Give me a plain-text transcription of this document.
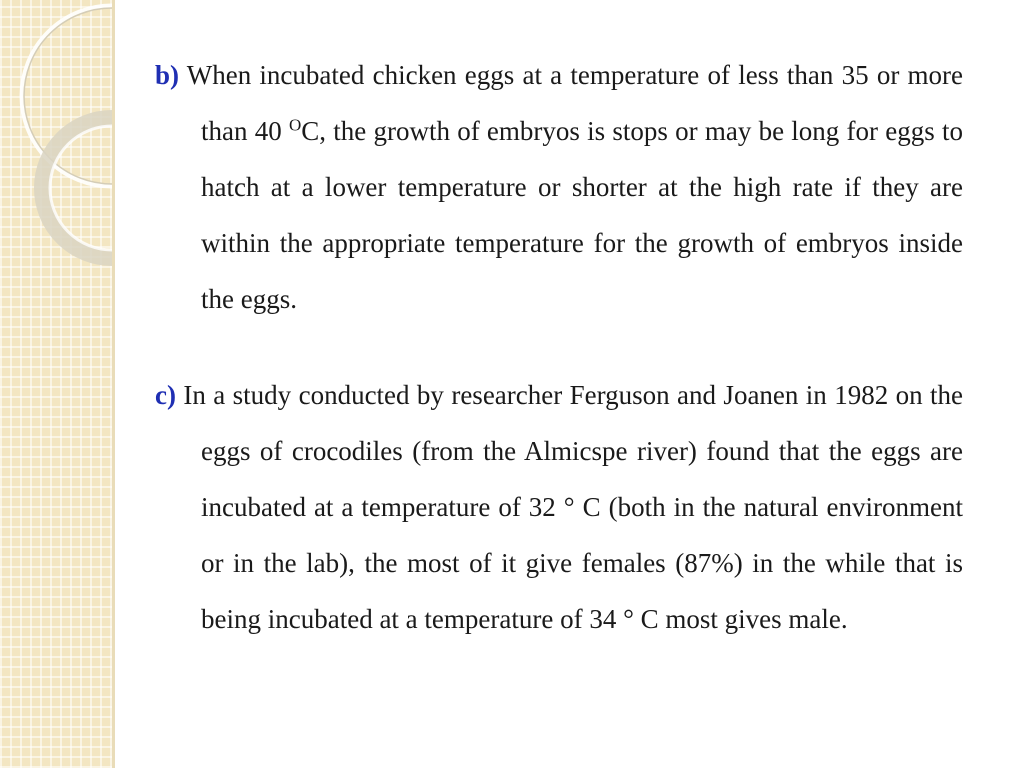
b) When incubated chicken eggs at a temperature of less than 35 or more than 40 $^O$C, the growth of embryos is stops or may be long for eggs to hatch at a lower temperature or shorter at the high rate if they are within the appropriate temperature for the growth of embryos inside the eggs.

c) In a study conducted by researcher Ferguson and Joanen in 1982 on the eggs of crocodiles (from the Almicspe river) found that the eggs are incubated at a temperature of 32 ° C (both in the natural environment or in the lab), the most of it give females (87%) in the while that is being incubated at a temperature of 34 ° C most gives male.
